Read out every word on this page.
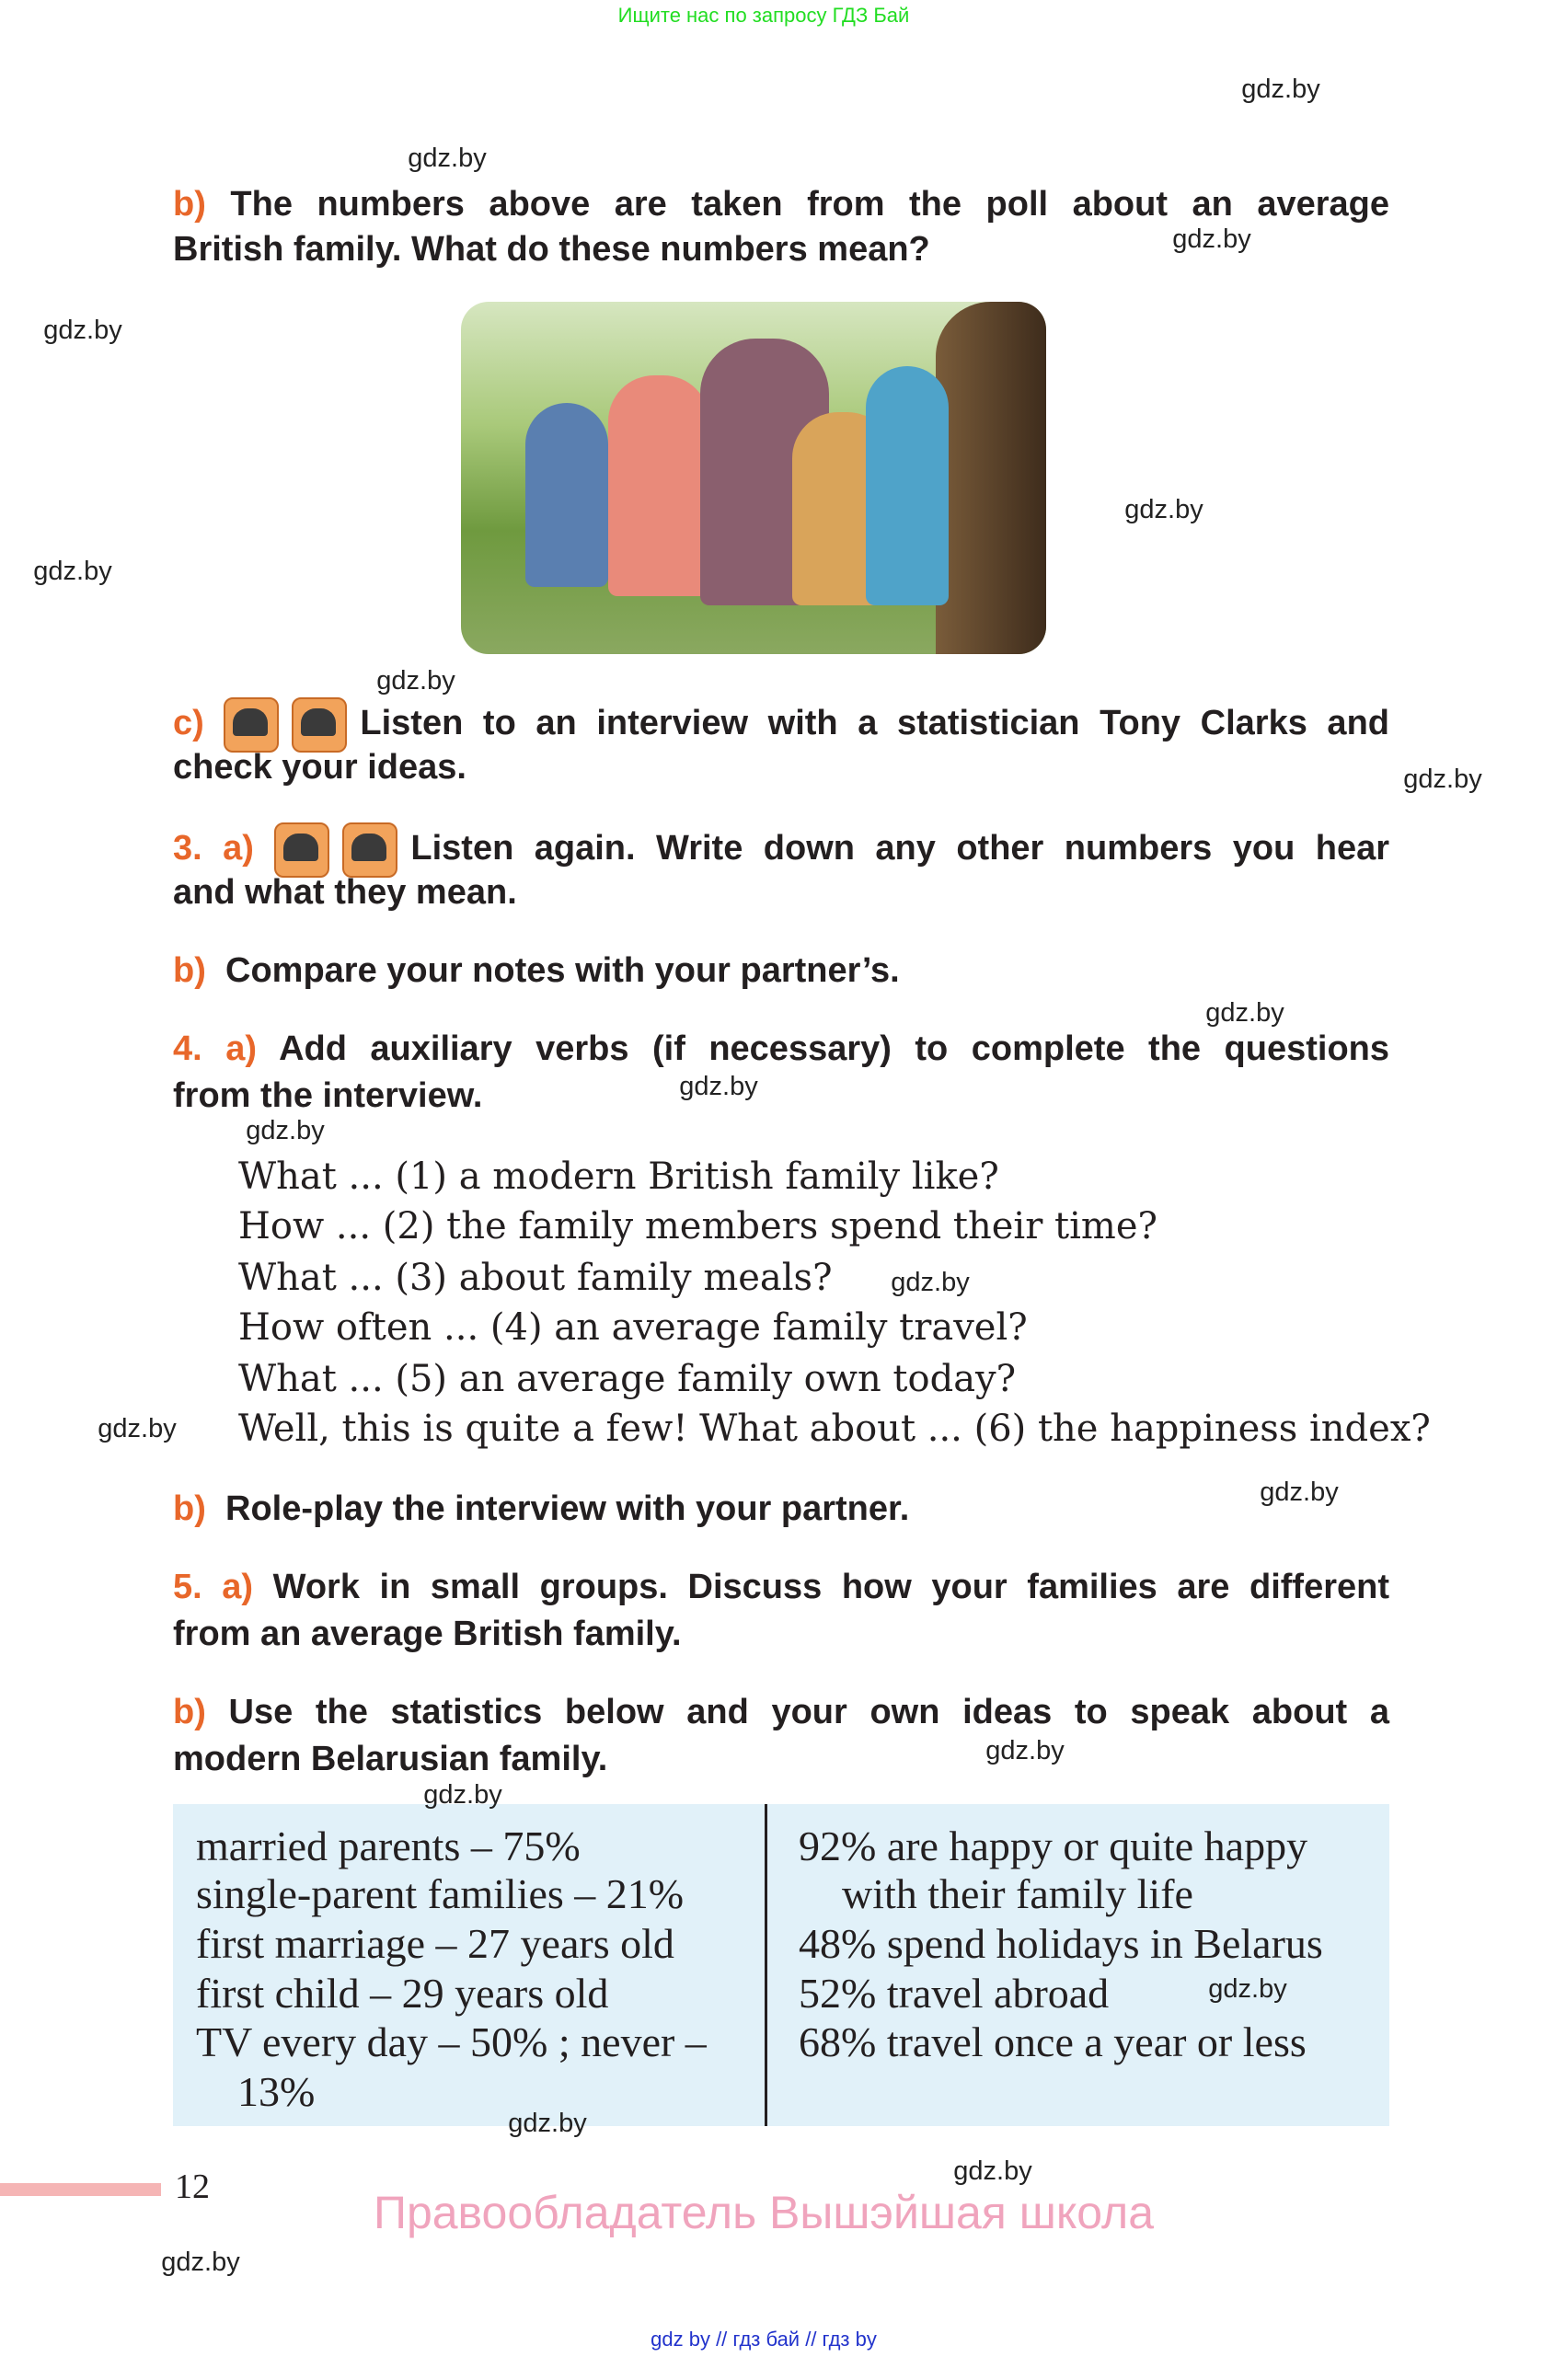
Ищите нас по запросу ГДЗ Бай
b) The numbers above are taken from the poll about an average
British family. What do these numbers mean?
c)	Listen to an interview with a statistician Tony Clarks and
check your ideas.
3. a)	Listen again. Write down any other numbers you hear
and what they mean.
b) Compare your notes with your partner’s.
4. a) Add auxiliary verbs (if necessary) to complete the questions
from the interview.
What ... (1) a modern British family like?
How ... (2) the family members spend their time?
What ... (3) about family meals?
How often ... (4) an average family travel?
What ... (5) an average family own today?
Well, this is quite a few! What about ... (6) the happiness index?
b) Role-play the interview with your partner.
5. a) Work in small groups. Discuss how your families are different
from an average British family.
b) Use the statistics below and your own ideas to speak about a
modern Belarusian family.
married parents – 75%
single-parent families – 21%
first marriage – 27 years old
first child – 29 years old
TV every day – 50% ; never –
13%
92% are happy or quite happy
with their family life
48% spend holidays in Belarus
52% travel abroad
68% travel once a year or less
12	Правообладатель Вышэйшая школа
gdz by // гдз бай // гдз by
gdz.by
gdz.by
gdz.by
gdz.by
gdz.by
gdz.by
gdz.by
gdz.by
gdz.by
gdz.by
gdz.by
gdz.by
gdz.by
gdz.by
gdz.by
gdz.by
gdz.by
gdz.by
gdz.by
gdz.by
